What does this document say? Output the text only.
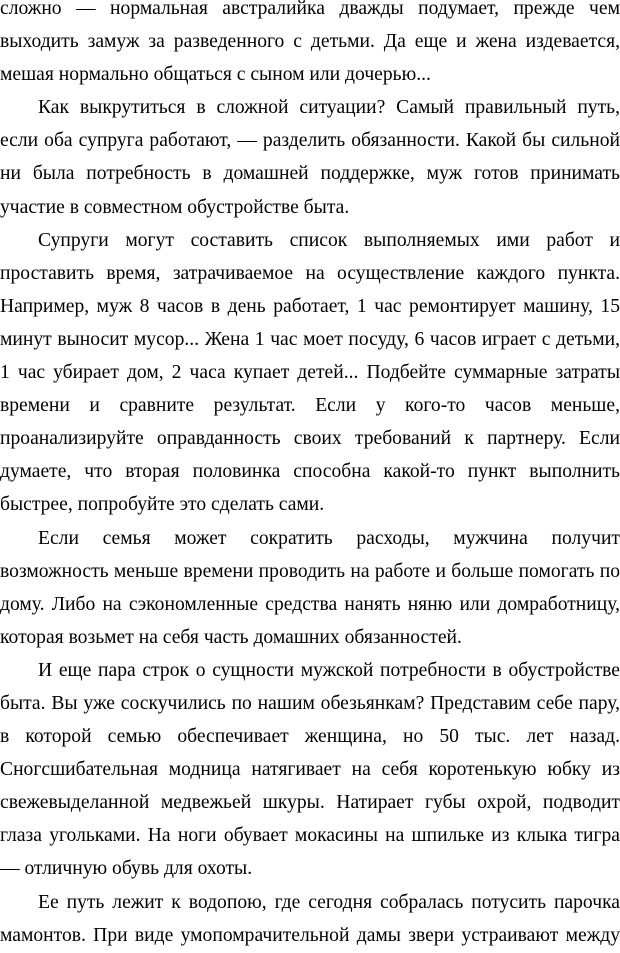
сложно — нормальная австралийка дважды подумает, прежде чем выходить замуж за разведенного с детьми. Да еще и жена издевается, мешая нормально общаться с сыном или дочерью...

Как выкрутиться в сложной ситуации? Самый правильный путь, если оба супруга работают, — разделить обязанности. Какой бы сильной ни была потребность в домашней поддержке, муж готов принимать участие в совместном обустройстве быта.

Супруги могут составить список выполняемых ими работ и проставить время, затрачиваемое на осуществление каждого пункта. Например, муж 8 часов в день работает, 1 час ремонтирует машину, 15 минут выносит мусор... Жена 1 час моет посуду, 6 часов играет с детьми, 1 час убирает дом, 2 часа купает детей... Подбейте суммарные затраты времени и сравните результат. Если у кого-то часов меньше, проанализируйте оправданность своих требований к партнеру. Если думаете, что вторая половинка способна какой-то пункт выполнить быстрее, попробуйте это сделать сами.

Если семья может сократить расходы, мужчина получит возможность меньше времени проводить на работе и больше помогать по дому. Либо на сэкономленные средства нанять няню или домработницу, которая возьмет на себя часть домашних обязанностей.

И еще пара строк о сущности мужской потребности в обустройстве быта. Вы уже соскучились по нашим обезьянкам? Представим себе пару, в которой семью обеспечивает женщина, но 50 тыс. лет назад. Сногсшибательная модница натягивает на себя коротенькую юбку из свежевыделанной медвежьей шкуры. Натирает губы охрой, подводит глаза угольками. На ноги обувает мокасины на шпильке из клыка тигра — отличную обувь для охоты.

Ее путь лежит к водопою, где сегодня собралась потусить парочка мамонтов. При виде умопомрачительной дамы звери устраивают между
